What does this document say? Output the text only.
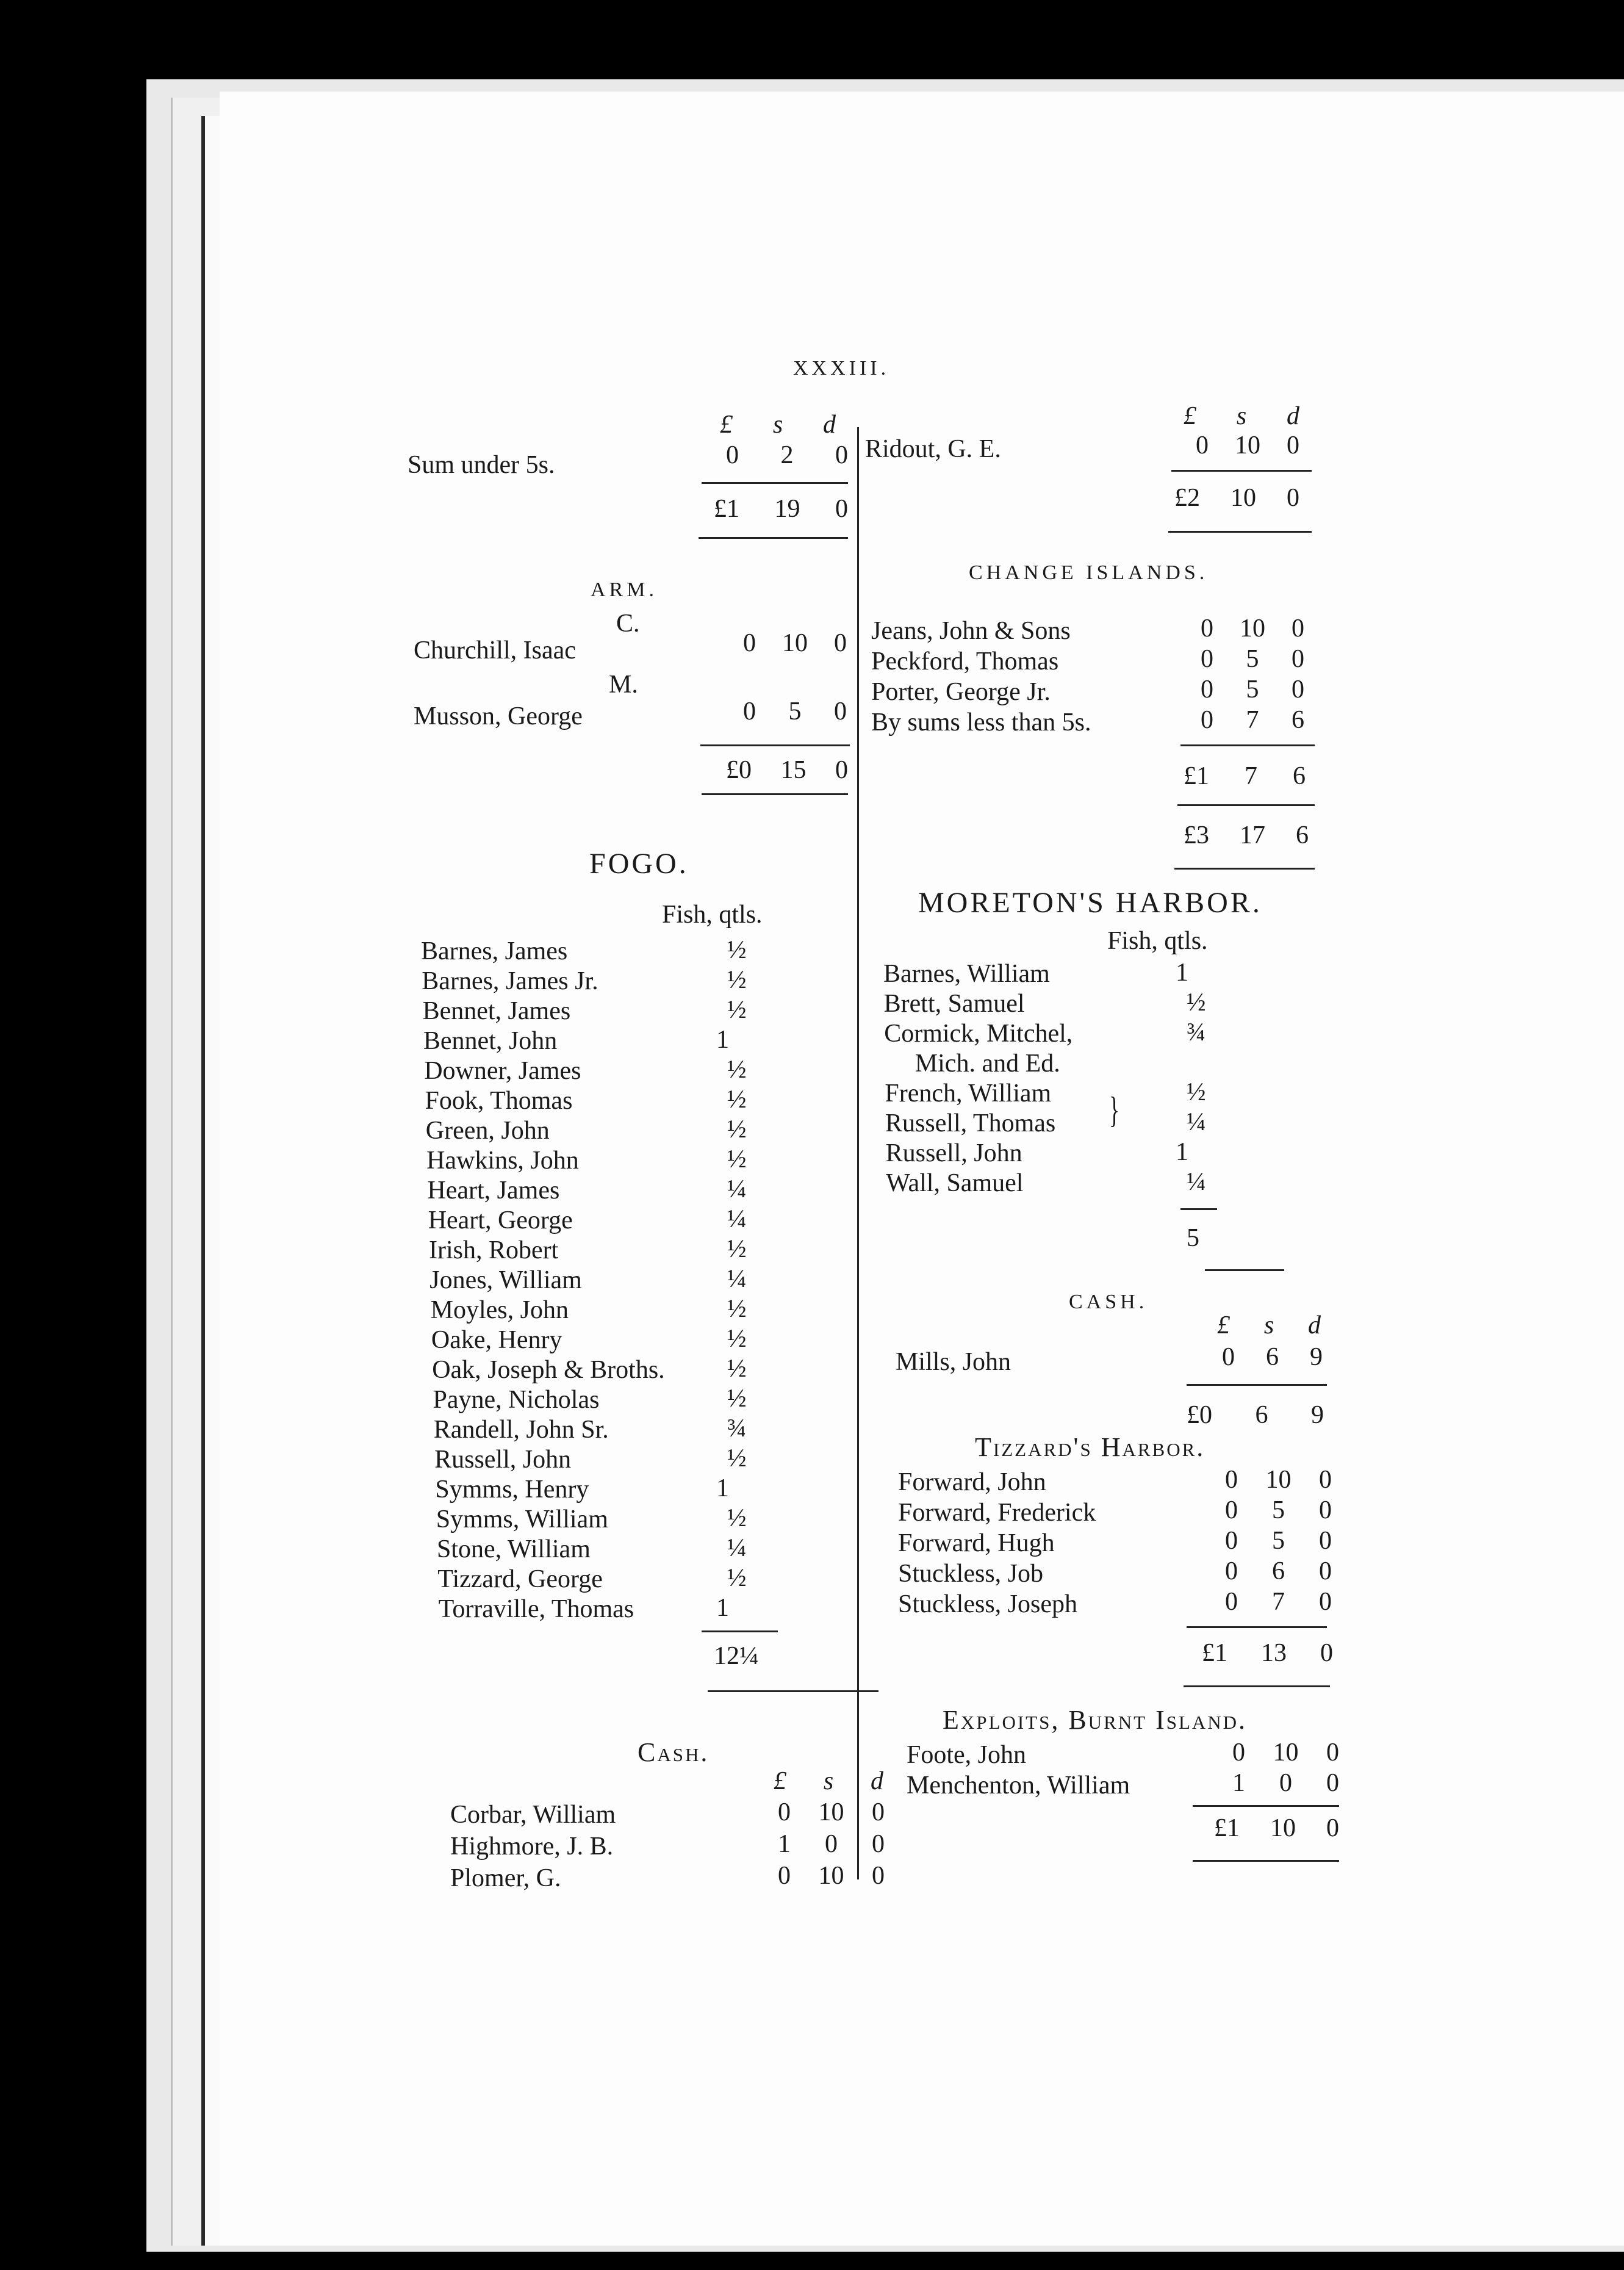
XXXIII.
£ s d
Sum under 5s.	0 2 0
£1 19 0
£ s d
Ridout, G. E.	0 10 0
£2 10 0
ARM.
C.
Churchill, Isaac	0 10 0
M.
Musson, George	0 5 0
£0 15 0
CHANGE ISLANDS.
£1 7 6
£3 17 6
FOGO.
Fish, qtls.
12¼
Cash.
£ s d
MORETON'S HARBOR.
Fish, qtls.
}
5
CASH.
£ s d
Mills, John	0 6 9
£0 6 9
Tizzard's Harbor.
£1 13 0
Exploits, Burnt Island.
£1 10 0
Jeans, John & Sons	0 10 0
Peckford, Thomas	0 5 0
Porter, George Jr.	0 5 0
By sums less than 5s.	0 7 6
Barnes, James	½
Barnes, James Jr.	½
Bennet, James	½
Bennet, John	1
Downer, James	½
Fook, Thomas	½
Green, John	½
Hawkins, John	½
Heart, James	¼
Heart, George	¼
Irish, Robert	½
Jones, William	¼
Moyles, John	½
Oake, Henry	½
Oak, Joseph & Broths. ½
Payne, Nicholas	½
Randell, John Sr.	¾
Russell, John	½
Symms, Henry	1
Symms, William	½
Stone, William	¼
Tizzard, George	½
Torraville, Thomas	1
Corbar, William	0 10 0
Highmore, J. B.	1 0 0
Plomer, G.	0 10 0
Barnes, William	1
Brett, Samuel	½
Cormick, Mitchel,	¾
Mich. and Ed.
French, William	½
Russell, Thomas	¼
Russell, John	1
Wall, Samuel	¼
Forward, John	0 10 0
Forward, Frederick	0 5 0
Forward, Hugh	0 5 0
Stuckless, Job	0 6 0
Stuckless, Joseph	0 7 0
Foote, John	0 10 0
Menchenton, William	1 0 0
